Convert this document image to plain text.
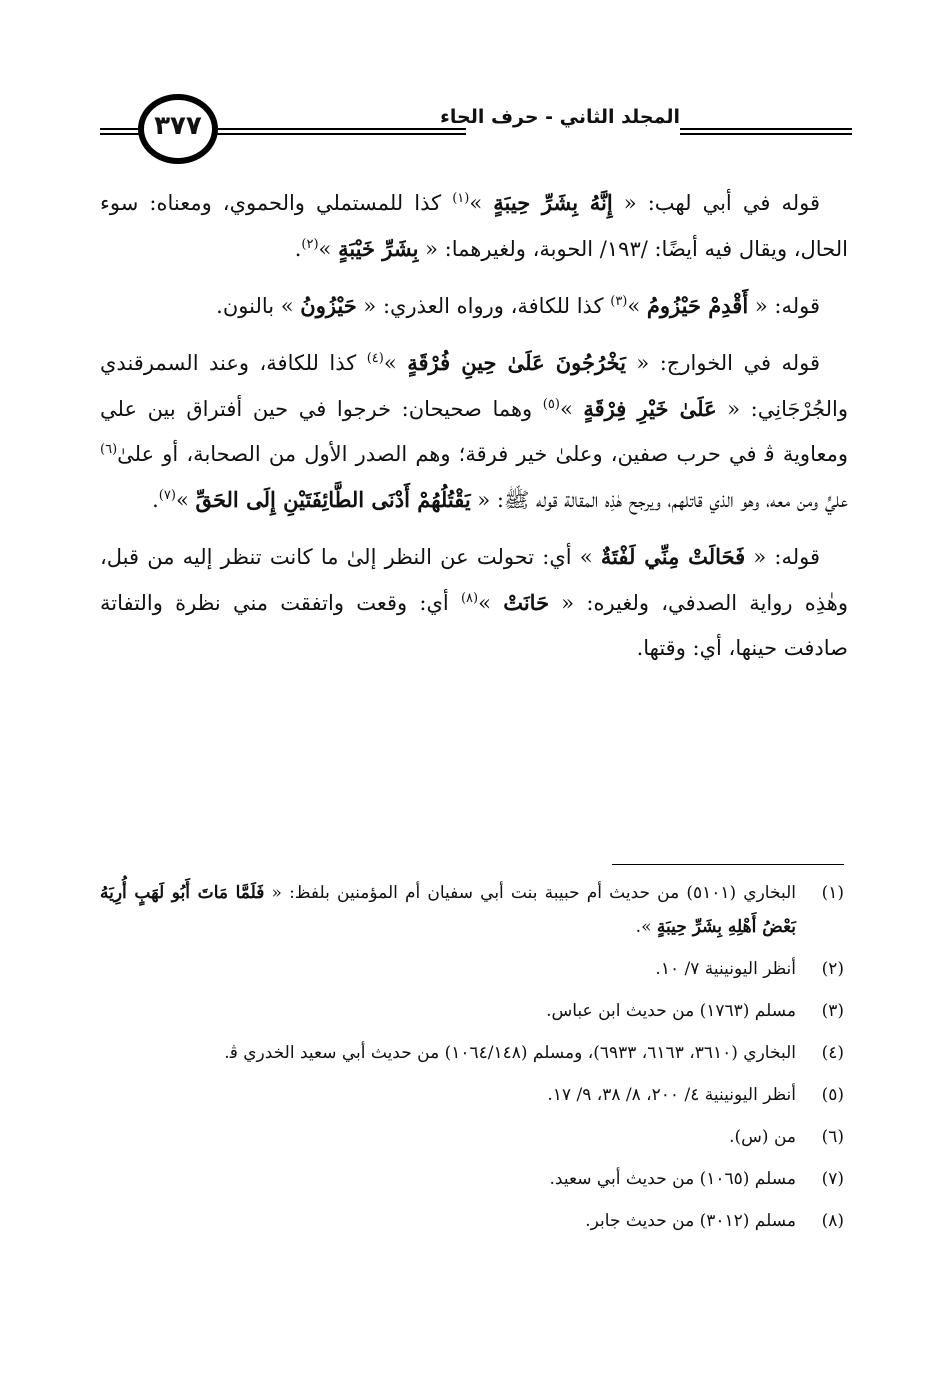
المجلد الثاني - حرف الحاء
٣٧٧

قوله في أبي لهب: « إِنَّهُ بِشَرِّ حِيبَةٍ »$^{(١)}$ كذا للمستملي والحموي، ومعناه: سوء الحال، ويقال فيه أيضًا: /١٩٣/ الحوبة، ولغيرهما: « بِشَرِّ خَيْبَةٍ »$^{(٢)}$.

قوله: « أَقْدِمْ حَيْزُومُ »$^{(٣)}$ كذا للكافة، ورواه العذري: « حَيْزُونُ » بالنون.

قوله في الخوارج: « يَخْرُجُونَ عَلَىٰ حِينِ فُرْقَةٍ »$^{(٤)}$ كذا للكافة، وعند السمرقندي والجُرْجَانِي: « عَلَىٰ خَيْرِ فِرْقَةٍ »$^{(٥)}$ وهما صحيحان: خرجوا في حين أفتراق بين علي ومعاوية ﭬ في حرب صفين، وعلىٰ خير فرقة؛ وهم الصدر الأول من الصحابة، أو علىٰ$^{(٦)}$ عليٍّ ومن معه، وهو الذي قاتلهم، ويرجح هٰذِه المقالة قوله ﷺ: « يَقْتُلُهُمْ أَدْنَى الطَّائِفَتَيْنِ إِلَى الحَقِّ »$^{(٧)}$.

قوله: « فَحَالَتْ مِنِّي لَفْتَةٌ » أي: تحولت عن النظر إلىٰ ما كانت تنظر إليه من قبل، وهٰذِه رواية الصدفي، ولغيره: « حَانَتْ »$^{(٨)}$ أي: وقعت واتفقت مني نظرة والتفاتة صادفت حينها، أي: وقتها.

(١)
البخاري (٥١٠١) من حديث أم حبيبة بنت أبي سفيان أم المؤمنين بلفظ: « فَلَمَّا مَاتَ أَبُو لَهَبٍ أُرِيَهُ بَعْضُ أَهْلِهِ بِشَرِّ حِيبَةٍ ».
(٢)
أنظر اليونينية ٧/ ١٠.
(٣)
مسلم (١٧٦٣) من حديث ابن عباس.
(٤)
البخاري (٣٦١٠، ٦١٦٣، ٦٩٣٣)، ومسلم (١٠٦٤/١٤٨) من حديث أبي سعيد الخدري ﭬ.
(٥)
أنظر اليونينية ٤/ ٢٠٠، ٨/ ٣٨، ٩/ ١٧.
(٦)
من (س).
(٧)
مسلم (١٠٦٥) من حديث أبي سعيد.
(٨)
مسلم (٣٠١٢) من حديث جابر.
